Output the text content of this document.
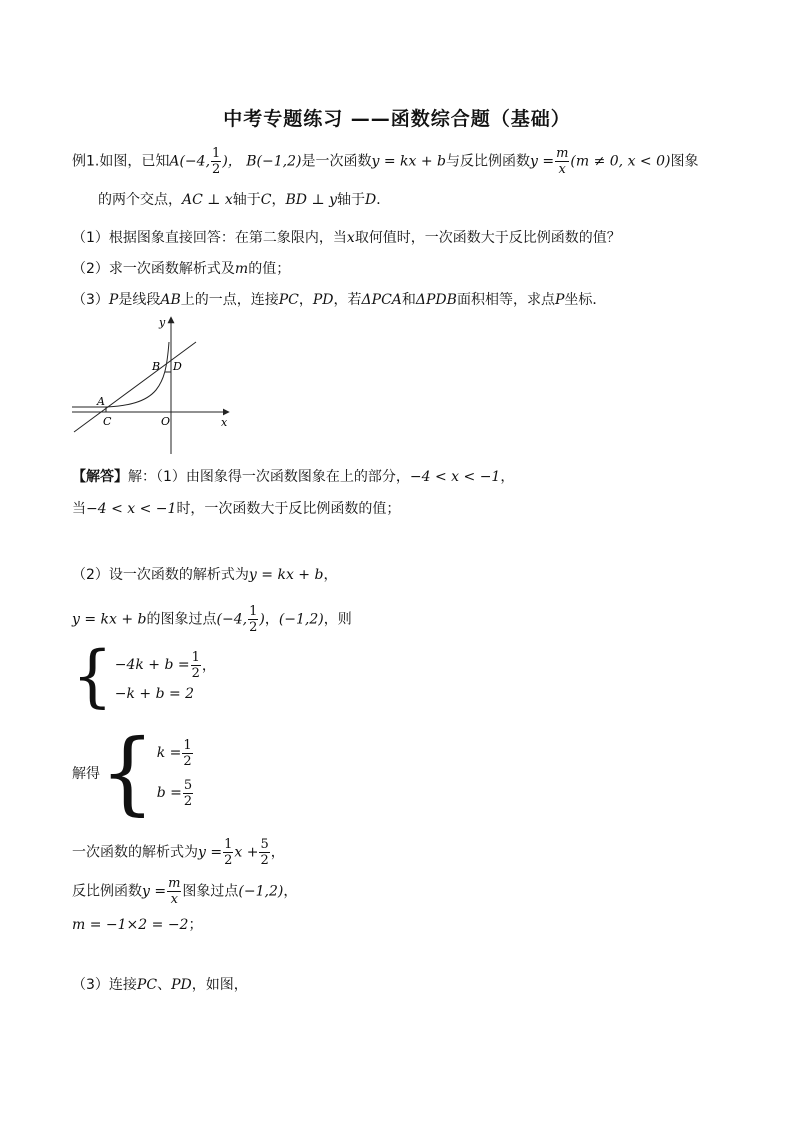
中考专题练习 ——函数综合题（基础）
例1.如图，已知A(−4, $\frac{1}{2}$ )， B(−1,2)是一次函数y = kx + b与反比例函数$y = \frac{m}{x} (m \ne 0$, x < 0)图象
的两个交点，AC ⊥ x轴于C，BD ⊥ y轴于D．
（1）根据图象直接回答：在第二象限内，当x取何值时，一次函数大于反比例函数的值？
（2）求一次函数解析式及m的值；
（3）P是线段AB上的一点，连接PC，PD，若ΔPCA和ΔPDB面积相等，求点P坐标．
y
x
A
B
C
D
O
【解答】解：（1）由图象得一次函数图象在上的部分，−4 < x < −1，
当−4 < x < −1时，一次函数大于反比例函数的值；
（2）设一次函数的解析式为y = kx + b，
y = kx + b的图象过点(−4, $\frac{1}{2}$ )，(−1,2)，则
{ $-4k + b = \frac{1}{2}$ ，
−k + b = 2
解得 { $k = \frac{1}{2}$
$b = \frac{5}{2}$
一次函数的解析式为$y = \frac{1}{2}$ $x + \frac{5}{2}$ ，
反比例函数$y = \frac{m}{x}$ 图象过点(−1,2)，
m = −1×2 = −2；
（3）连接PC、PD，如图，
